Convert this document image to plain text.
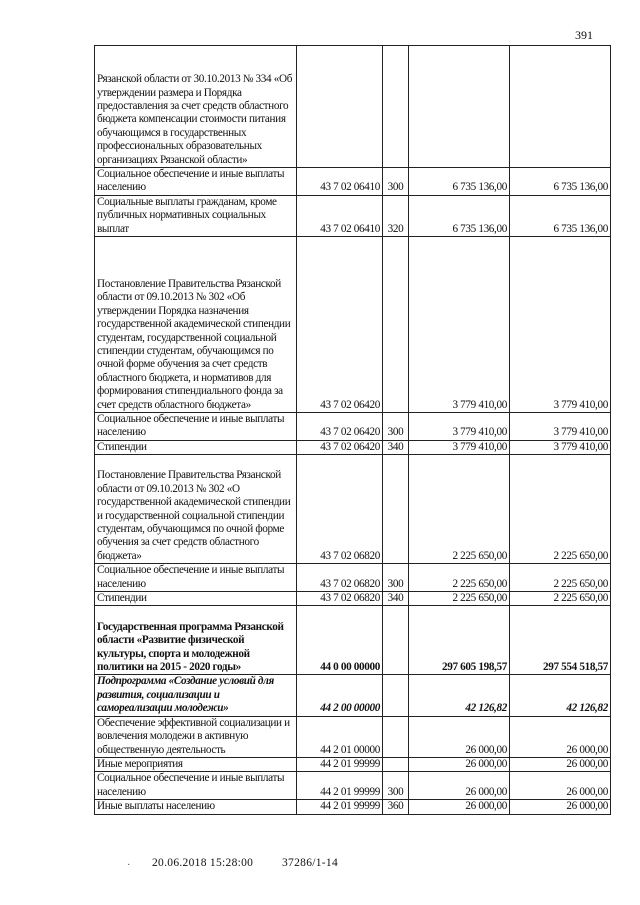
391
Рязанской области от 30.10.2013 № 334 «Об утверждении размера и Порядка предоставления за счет средств областного бюджета компенсации стоимости питания обучающимся в государственных профессиональных образовательных организациях Рязанской области»				
Социальное обеспечение и иные выплаты населению	43 7 02 06410	300	6 735 136,00	6 735 136,00
Социальные выплаты гражданам, кроме публичных нормативных социальных выплат	43 7 02 06410	320	6 735 136,00	6 735 136,00
Постановление Правительства Рязанской области от 09.10.2013 № 302 «Об утверждении Порядка назначения государственной академической стипендии студентам, государственной социальной стипендии студентам, обучающимся по очной форме обучения за счет средств областного бюджета, и нормативов для формирования стипендиального фонда за счет средств областного бюджета»	43 7 02 06420		3 779 410,00	3 779 410,00
Социальное обеспечение и иные выплаты населению	43 7 02 06420	300	3 779 410,00	3 779 410,00
Стипендии	43 7 02 06420	340	3 779 410,00	3 779 410,00
Постановление Правительства Рязанской области от 09.10.2013 № 302 «О государственной академической стипендии и государственной социальной стипендии студентам, обучающимся по очной форме обучения за счет средств областного бюджета»	43 7 02 06820		2 225 650,00	2 225 650,00
Социальное обеспечение и иные выплаты населению	43 7 02 06820	300	2 225 650,00	2 225 650,00
Стипендии	43 7 02 06820	340	2 225 650,00	2 225 650,00
Государственная программа Рязанской области «Развитие физической культуры, спорта и молодежной политики на 2015 - 2020 годы»	44 0 00 00000		297 605 198,57	297 554 518,57
Подпрограмма «Создание условий для развития, социализации и самореализации молодежи»	44 2 00 00000		42 126,82	42 126,82
Обеспечение эффективной социализации и вовлечения молодежи в активную общественную деятельность	44 2 01 00000		26 000,00	26 000,00
Иные мероприятия	44 2 01 99999		26 000,00	26 000,00
Социальное обеспечение и иные выплаты населению	44 2 01 99999	300	26 000,00	26 000,00
Иные выплаты населению	44 2 01 99999	360	26 000,00	26 000,00
· 20.06.2018 15:28:00	37286/1-14
